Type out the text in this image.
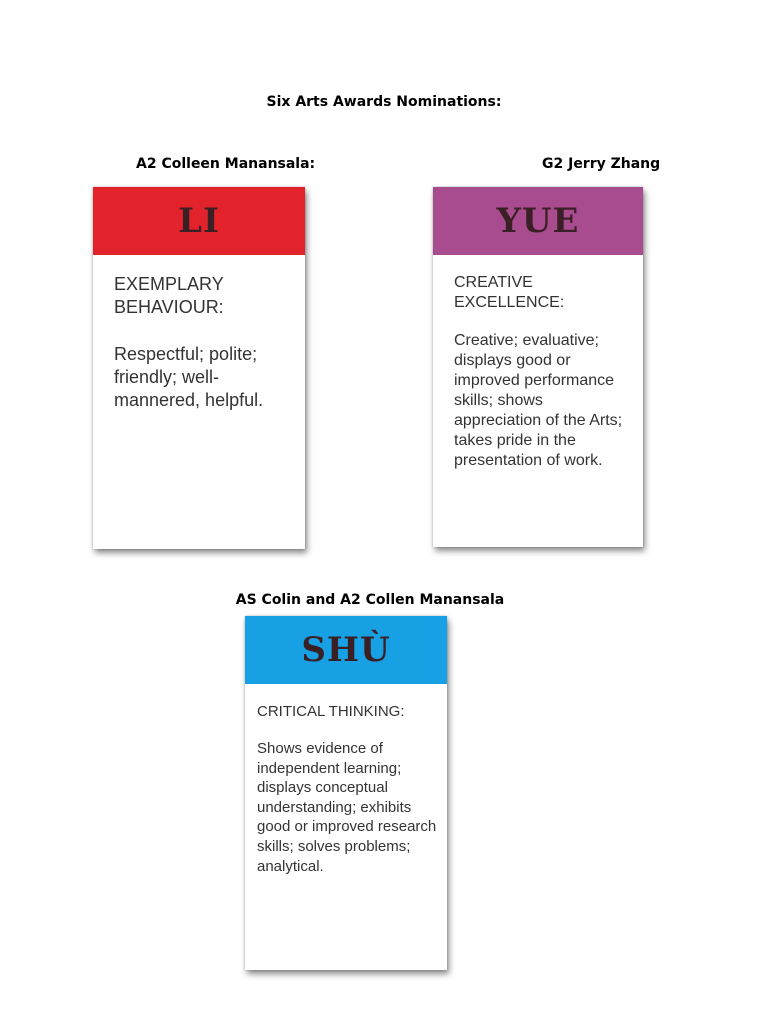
Six Arts Awards Nominations:
A2 Colleen Manansala:	G2 Jerry Zhang
LI

EXEMPLARY BEHAVIOUR:

Respectful; polite; friendly; well-mannered, helpful.

YUE

CREATIVE EXCELLENCE:

Creative; evaluative; displays good or improved performance skills; shows appreciation of the Arts; takes pride in the presentation of work.

AS Colin and A2 Collen Manansala
SHÙ

CRITICAL THINKING:

Shows evidence of independent learning; displays conceptual understanding; exhibits good or improved research skills; solves problems; analytical.
